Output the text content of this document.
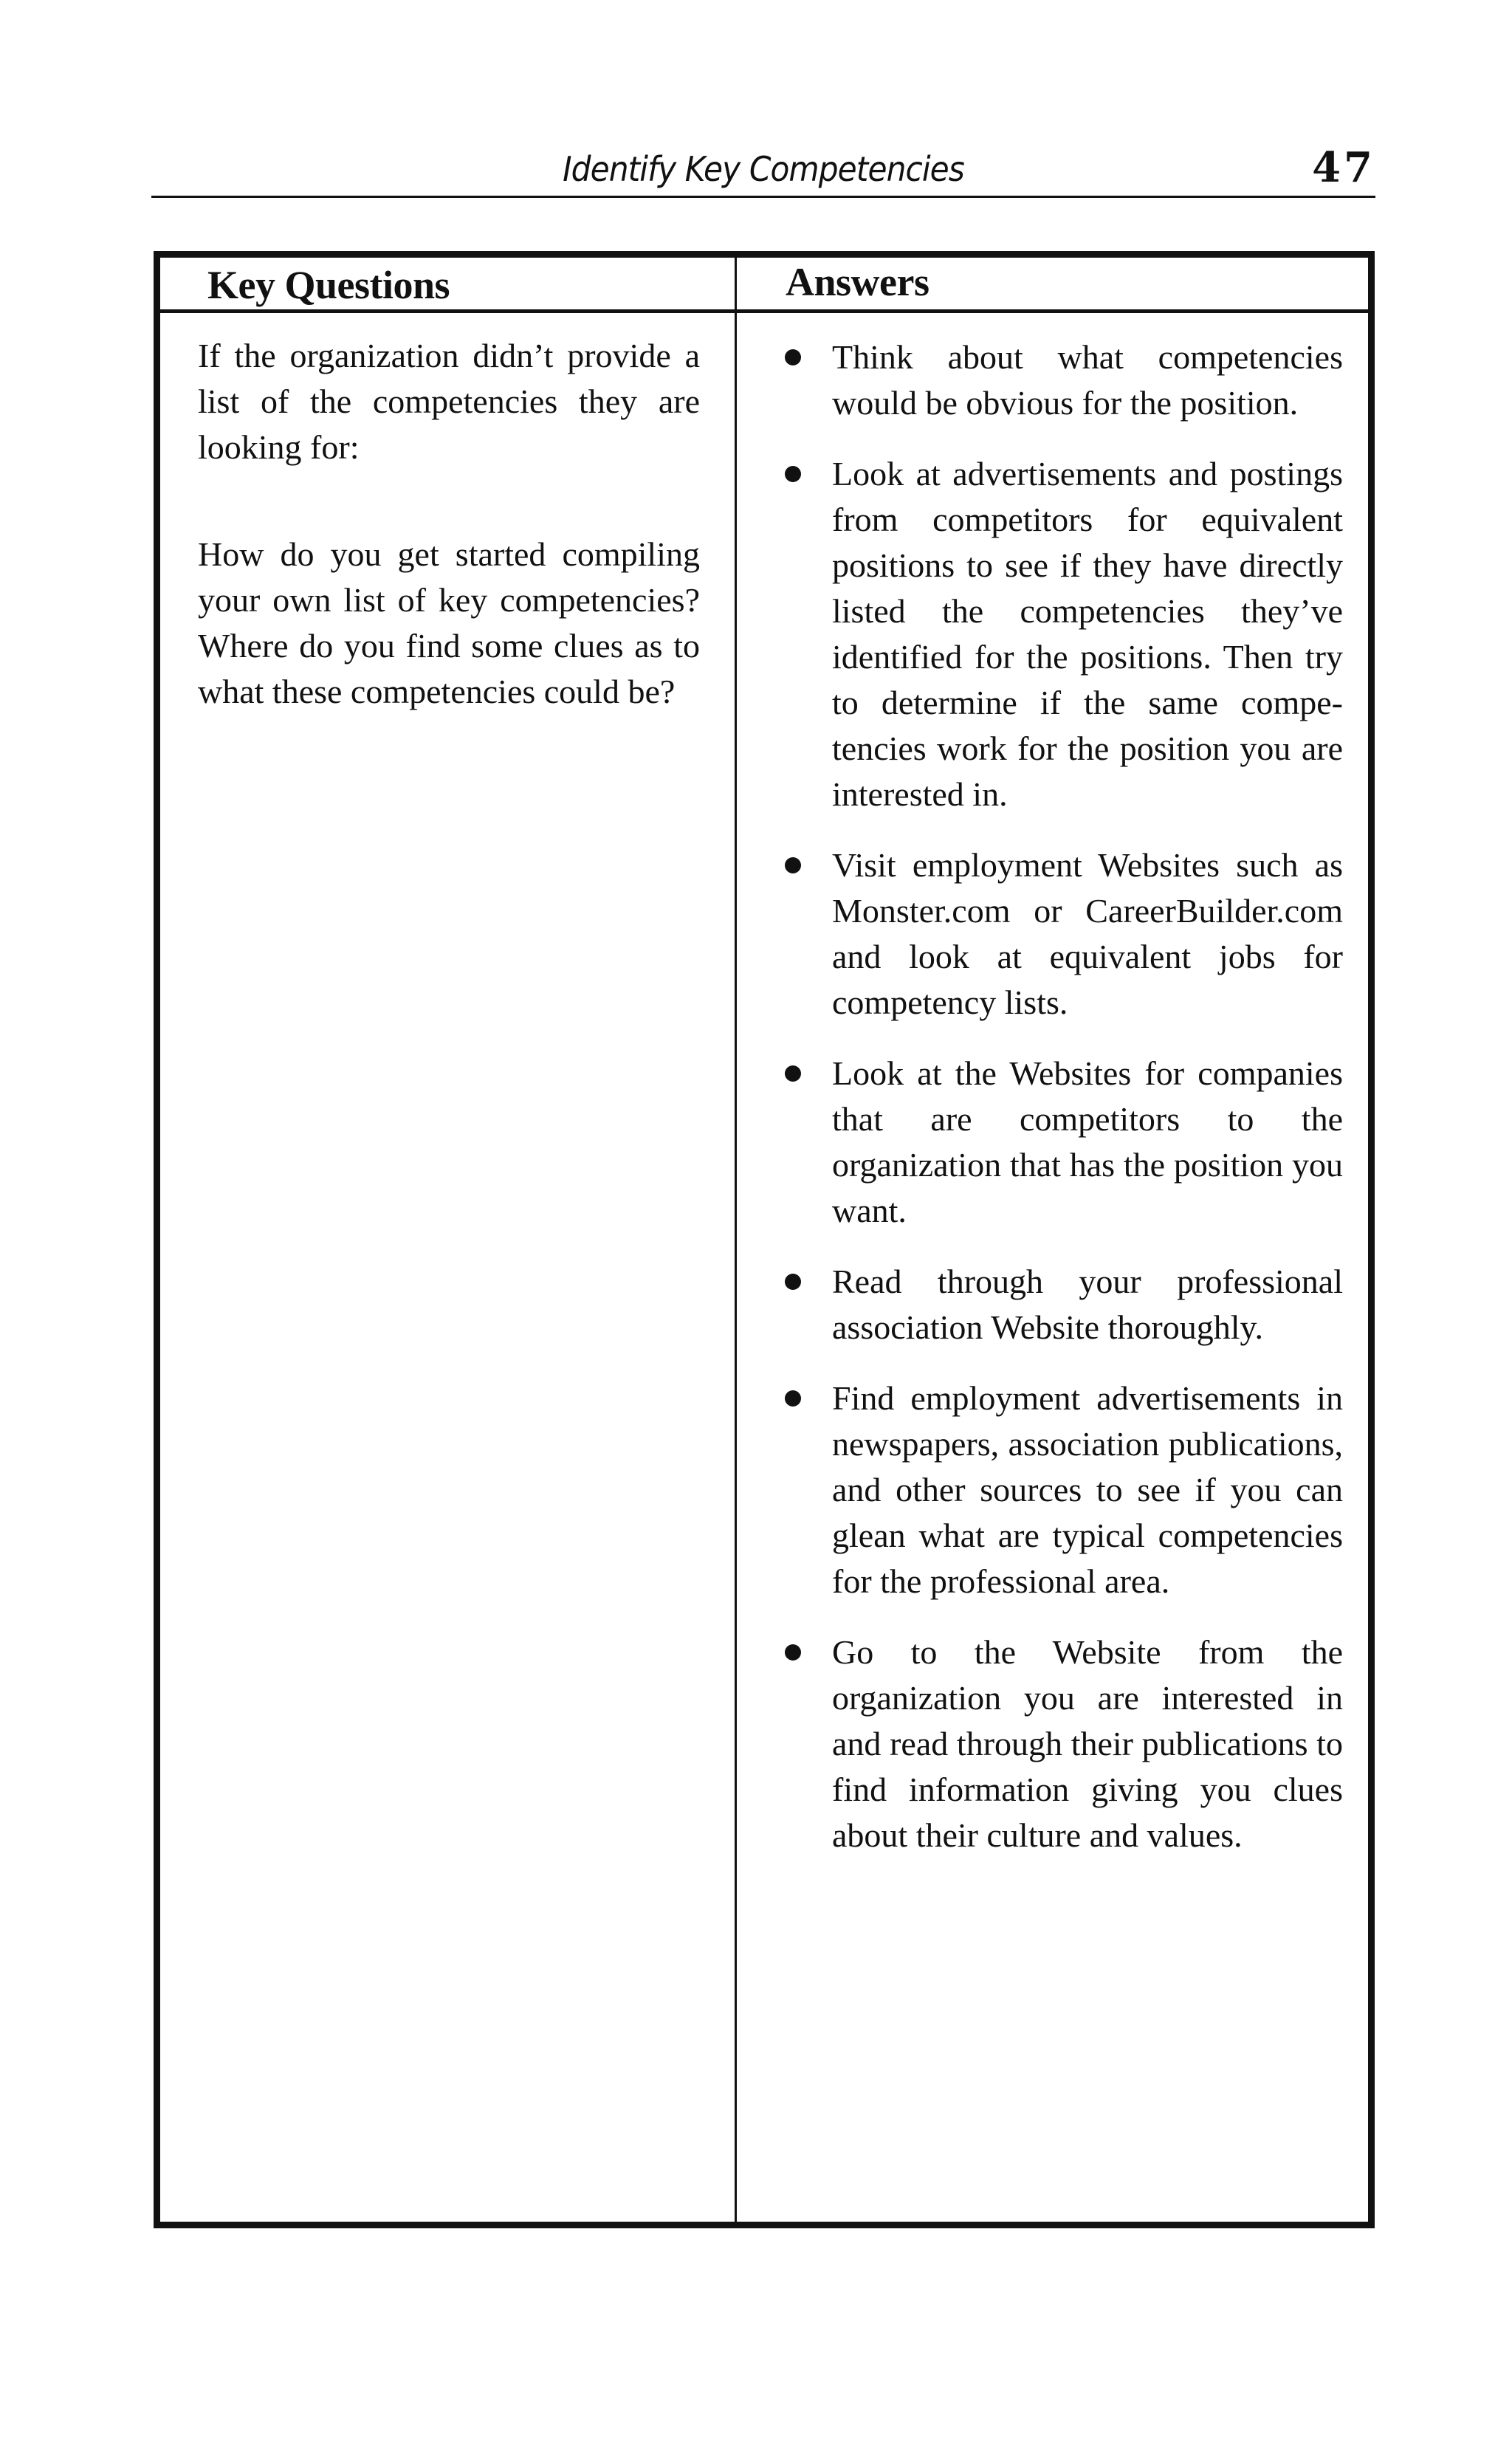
Identify Key Competencies	47
Key Questions	Answers

If the organization didn’t provide a list of the competencies they are looking for:

How do you get started compiling your own list of key competencies? Where do you find some clues as to what these competencies could be?

Think about what competencies would be obvious for the position.
Look at advertisements and postings from competitors for equivalent positions to see if they have directly listed the competencies they’ve identified for the positions. Then try to determine if the same competencies work for the position you are interested in.
Visit employment Websites such as Monster.com or CareerBuilder.com and look at equivalent jobs for competency lists.
Look at the Websites for companies that are competitors to the organization that has the position you want.
Read through your professional association Website thoroughly.
Find employment advertisements in newspapers, association publications, and other sources to see if you can glean what are typical competencies for the professional area.
Go to the Website from the organization you are interested in and read through their publications to find information giving you clues about their culture and values.
